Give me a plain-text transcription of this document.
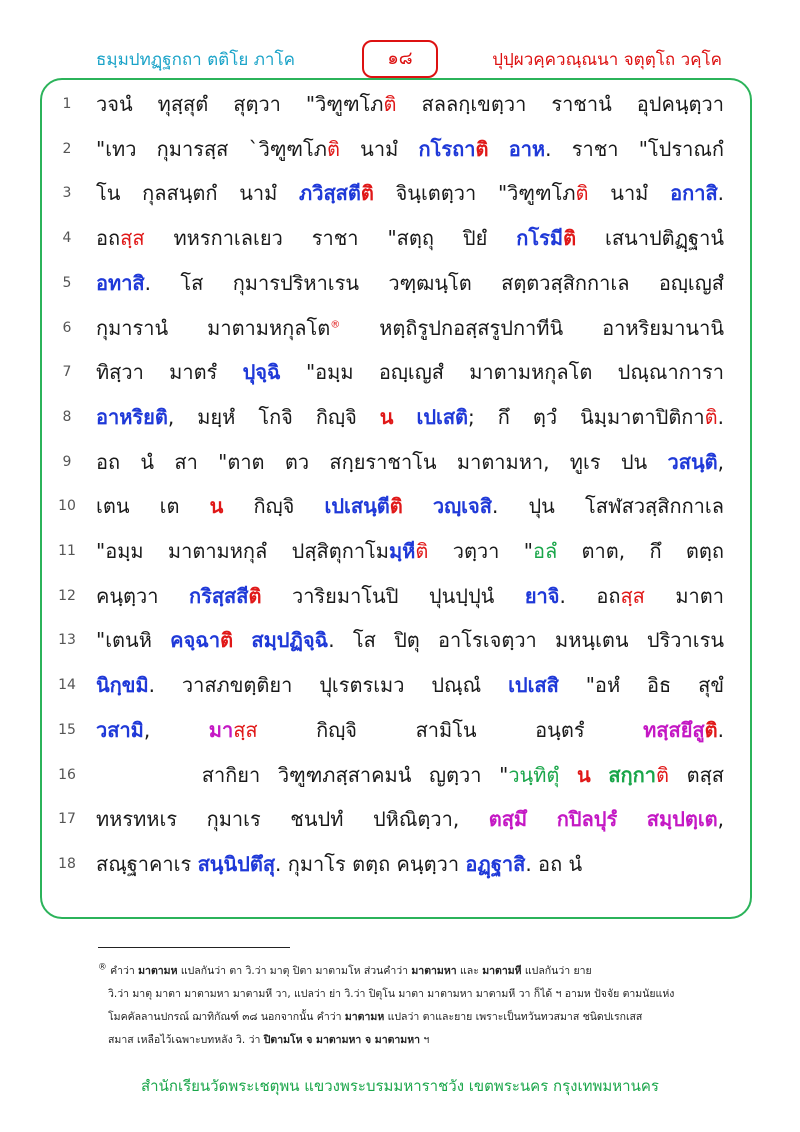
ธมฺมปทฏฺฐกถา ตติโย ภาโค	๑๘	ปุปฺผวคฺควณฺณนา จตุตฺโถ วคฺโค
1	วจนํ ทุสฺสุตํ สุตฺวา "วิฑูฑโภติ สลลกฺเขตฺวา ราชานํ อุปคนฺตฺวา
2	"เทว กุมารสฺส `วิฑูฑโภติ นามํ กโรถาติ อาห. ราชา "โปราณกํ
3	โน กุลสนฺตกํ นามํ ภวิสฺสตีติ จินฺเตตฺวา "วิฑูฑโภติ นามํ อกาสิ.
4	อถสฺส ทหรกาเลเยว ราชา "สตฺถุ ปิยํ กโรมีติ เสนาปติฏฺฐานํ
5	อทาสิ. โส กุมารปริหาเรน วฑฺฒนฺโต สตฺตวสฺสิกกาเล อญฺเญสํ
6	กุมารานํ มาตามหกุลโต® หตฺถิรูปกอสฺสรูปกาทีนิ อาหริยมานานิ
7	ทิสฺวา มาตรํ ปุจฺฉิ "อมฺม อญฺเญสํ มาตามหกุลโต ปณฺณาการา
8	อาหริยติ, มยฺหํ โกจิ กิญฺจิ น เปเสติ; กึ ตฺวํ นิมฺมาตาปิติกาติ.
9	อถ นํ สา "ตาต ตว สกฺยราชาโน มาตามหา, ทูเร ปน วสนฺติ,
10	เตน เต น กิญฺจิ เปเสนฺตีติ วญฺเจสิ. ปุน โสฬสวสฺสิกกาเล
11	"อมฺม มาตามหกุลํ ปสฺสิตุกาโมมฺหีติ วตฺวา "อลํ ตาต, กึ ตตฺถ
12	คนฺตฺวา กริสฺสสีติ วาริยมาโนปิ ปุนปฺปุนํ ยาจิ. อถสฺส มาตา
13	"เตนหิ คจฺฉาติ สมฺปฏิจฺฉิ. โส ปิตุ อาโรเจตฺวา มหนฺเตน ปริวาเรน
14	นิกฺขมิ. วาสภขตฺติยา ปุเรตรเมว ปณฺณํ เปเสสิ "อหํ อิธ สุขํ
15	วสามิ, มาสฺส กิญฺจิ สามิโน อนฺตรํ ทสฺสยึสูติ.
16	สากิยา วิฑูฑภสฺสาคมนํ ญตฺวา "วนฺทิตุํ น สกฺกาติ ตสฺส
17	ทหรทหเร กุมาเร ชนปทํ ปหิณิตฺวา, ตสฺมึ กปิลปุรํ สมฺปตฺเต,
18	สณฺฐาคาเร สนฺนิปตึสุ. กุมาโร ตตฺถ คนฺตฺวา อฏฺฐาสิ. อถ นํ
® คำว่า มาตามห แปลกันว่า ตา วิ.ว่า มาตุ ปิตา มาตามโห ส่วนคำว่า มาตามหา และ มาตามหี แปลกันว่า ยาย
วิ.ว่า มาตุ มาตา มาตามหา มาตามหี วา, แปลว่า ย่า วิ.ว่า ปิตุโน มาตา มาตามหา มาตามหี วา ก็ได้ ฯ อามห ปัจจัย ตามนัยแห่ง
โมคคัลลานปกรณ์ ฌาทิกัณฑ์ ๓๘ นอกจากนั้น คำว่า มาตามห แปลว่า ตาและยาย เพราะเป็นทวันทวสมาส ชนิดปเรกเสส
สมาส เหลือไว้เฉพาะบทหลัง วิ. ว่า ปิตามโห จ มาตามหา จ มาตามหา ฯ
สำนักเรียนวัดพระเชตุพน แขวงพระบรมมหาราชวัง เขตพระนคร กรุงเทพมหานคร
